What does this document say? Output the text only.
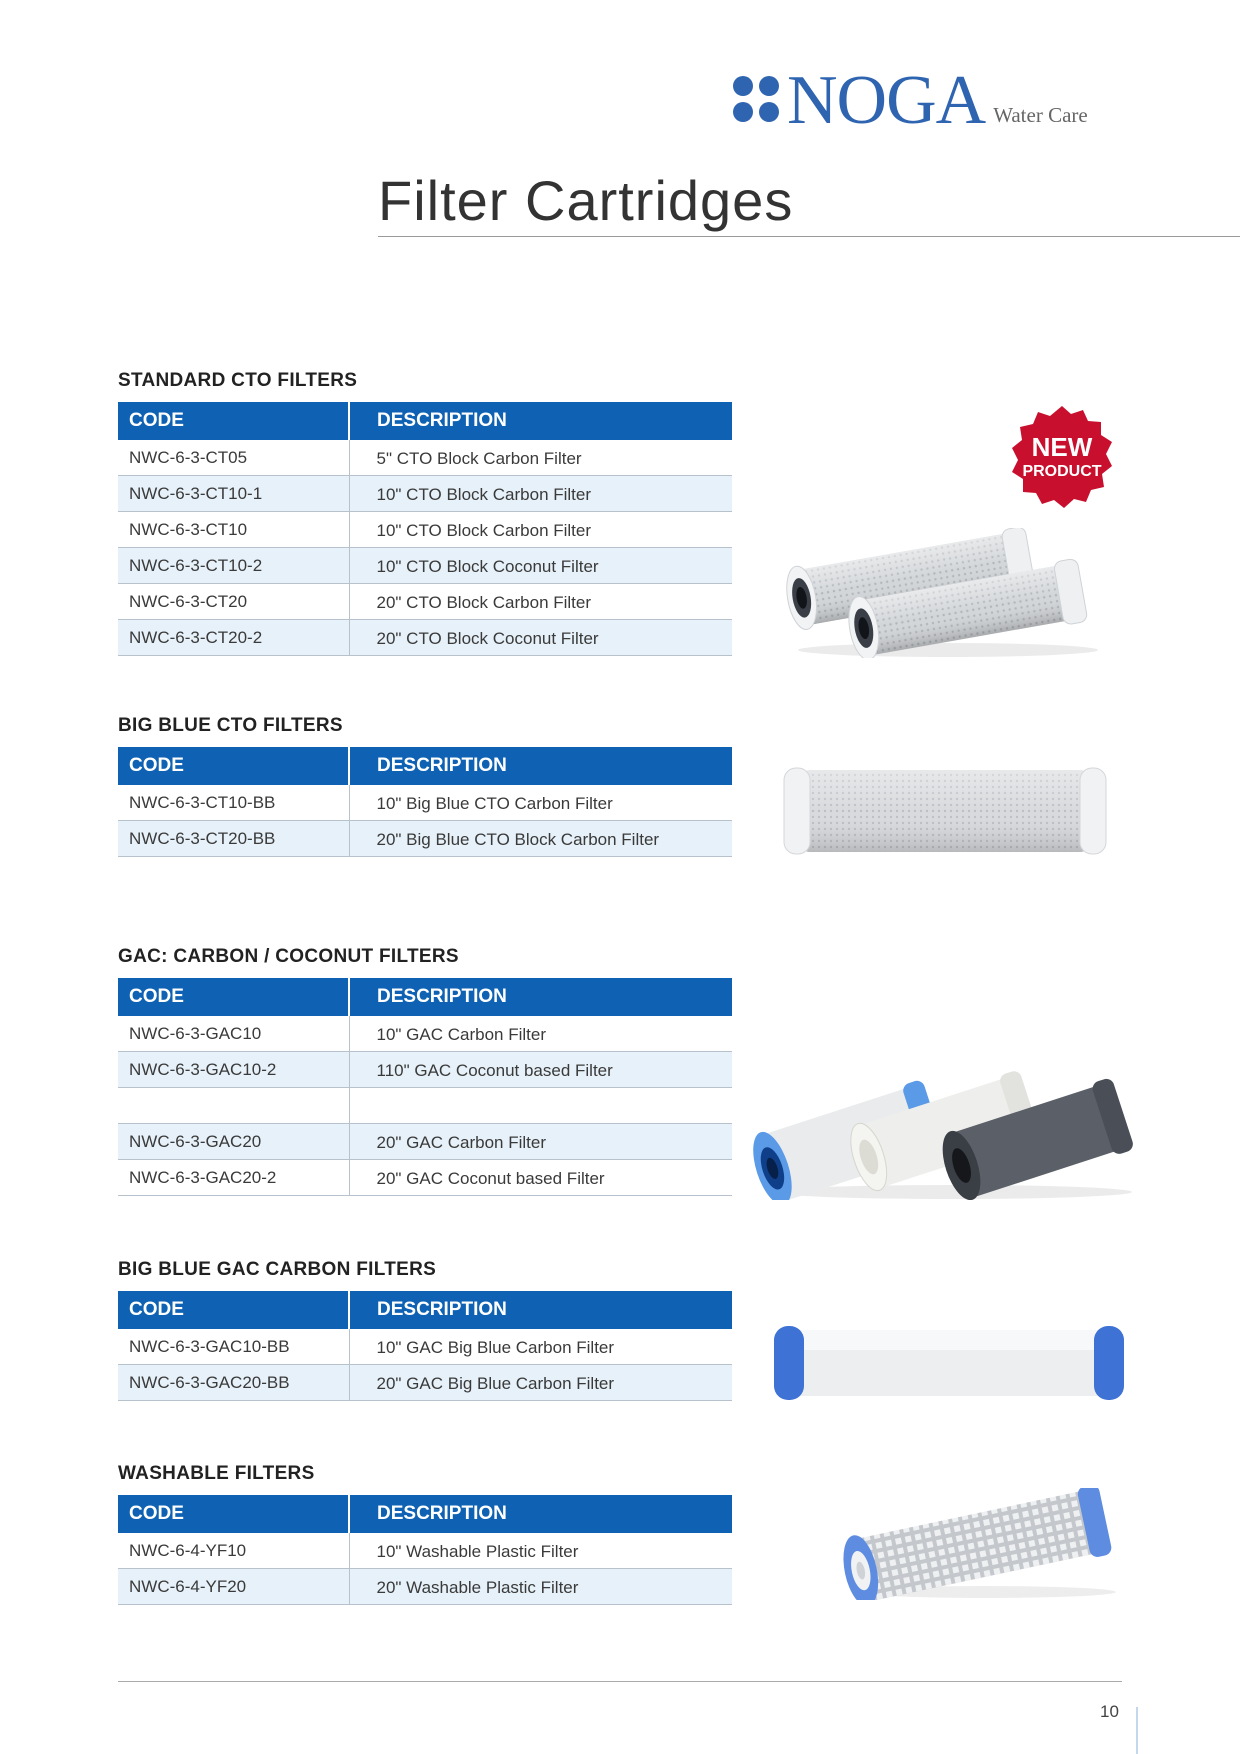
NOGA Water Care
Filter Cartridges
STANDARD CTO FILTERS
CODE	DESCRIPTION
NWC-6-3-CT05	5" CTO Block Carbon Filter
NWC-6-3-CT10-1	10" CTO Block Carbon Filter
NWC-6-3-CT10	10" CTO Block Carbon Filter
NWC-6-3-CT10-2	10" CTO Block Coconut Filter
NWC-6-3-CT20	20" CTO Block Carbon Filter
NWC-6-3-CT20-2	20" CTO Block Coconut Filter
BIG BLUE CTO FILTERS
CODE	DESCRIPTION
NWC-6-3-CT10-BB	10" Big Blue CTO Carbon Filter
NWC-6-3-CT20-BB	20" Big Blue CTO Block Carbon Filter
GAC: CARBON / COCONUT FILTERS
CODE	DESCRIPTION
NWC-6-3-GAC10	10" GAC Carbon Filter
NWC-6-3-GAC10-2	110" GAC Coconut based Filter

NWC-6-3-GAC20	20" GAC Carbon Filter
NWC-6-3-GAC20-2	20" GAC Coconut based Filter
BIG BLUE GAC CARBON FILTERS
CODE	DESCRIPTION
NWC-6-3-GAC10-BB	10" GAC Big Blue Carbon Filter
NWC-6-3-GAC20-BB	20" GAC Big Blue Carbon Filter
WASHABLE FILTERS
CODE	DESCRIPTION
NWC-6-4-YF10	10" Washable Plastic Filter
NWC-6-4-YF20	20" Washable Plastic Filter
NEW
PRODUCT
10
